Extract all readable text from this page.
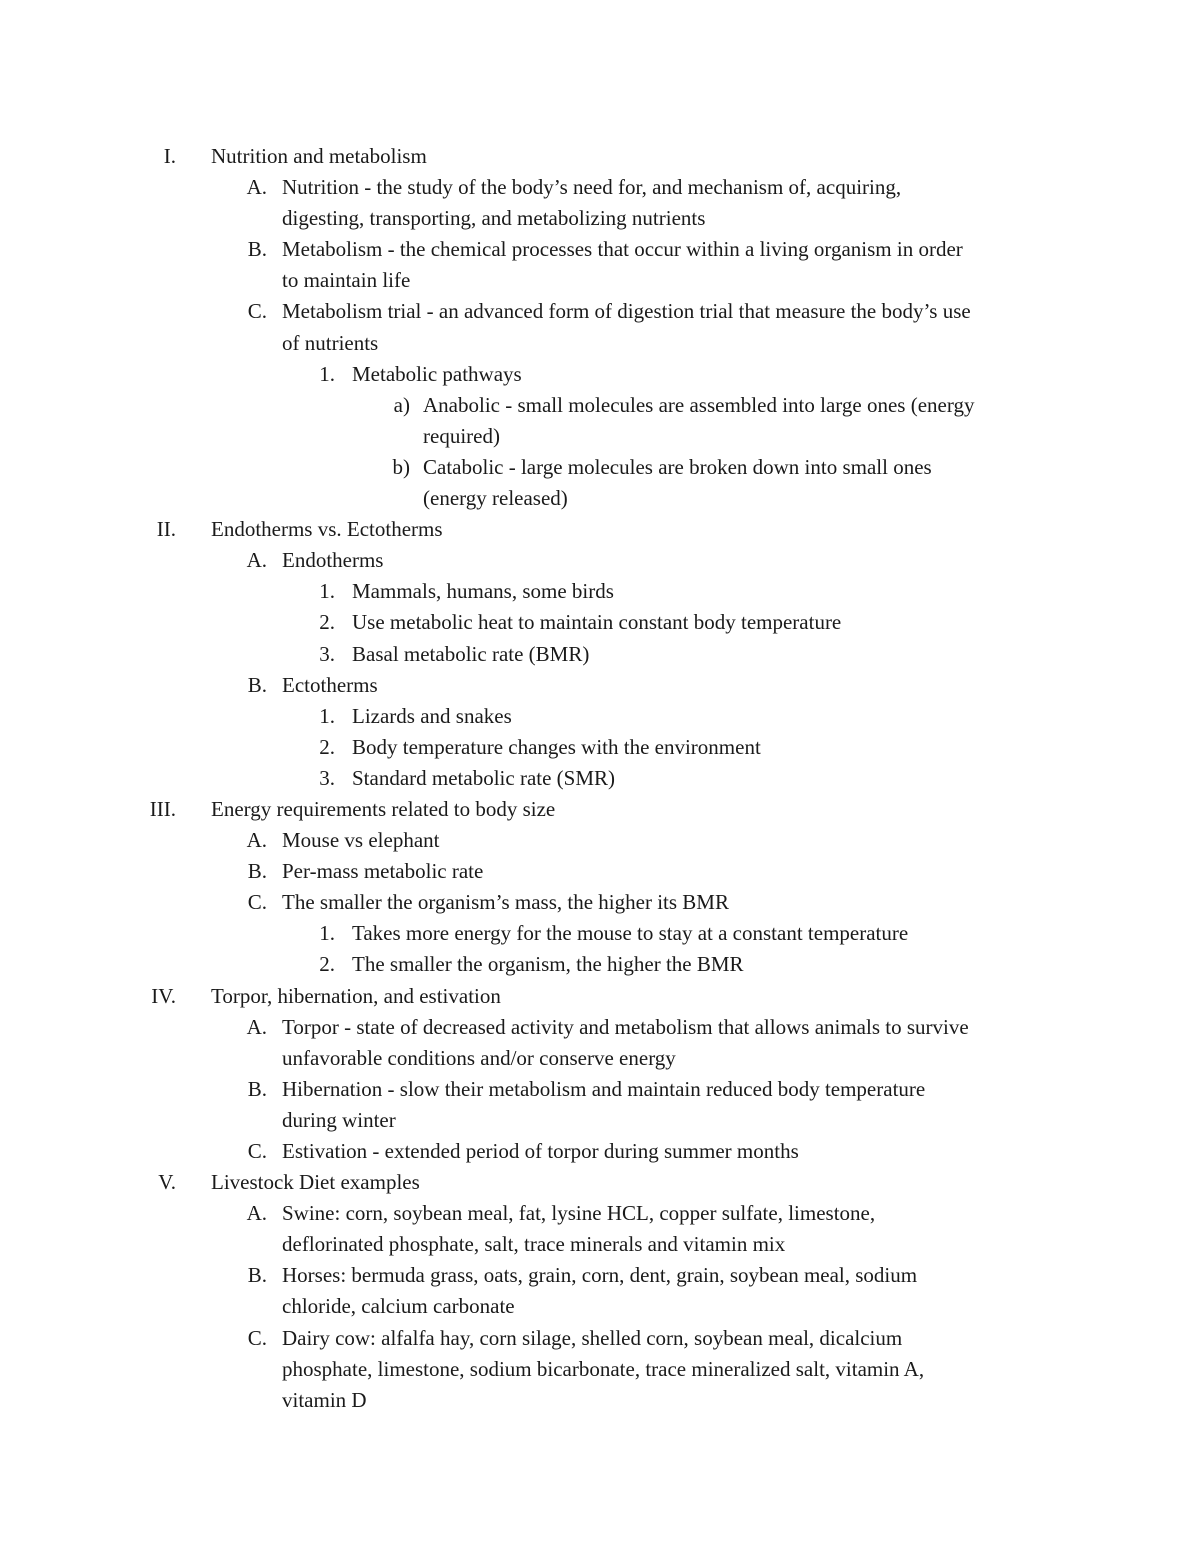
I. Nutrition and metabolism
A. Nutrition - the study of the body’s need for, and mechanism of, acquiring,
digesting, transporting, and metabolizing nutrients
B. Metabolism - the chemical processes that occur within a living organism in order
to maintain life
C. Metabolism trial - an advanced form of digestion trial that measure the body’s use
of nutrients
1. Metabolic pathways
a) Anabolic - small molecules are assembled into large ones (energy
required)
b) Catabolic - large molecules are broken down into small ones
(energy released)
II. Endotherms vs. Ectotherms
A. Endotherms
1. Mammals, humans, some birds
2. Use metabolic heat to maintain constant body temperature
3. Basal metabolic rate (BMR)
B. Ectotherms
1. Lizards and snakes
2. Body temperature changes with the environment
3. Standard metabolic rate (SMR)
III. Energy requirements related to body size
A. Mouse vs elephant
B. Per-mass metabolic rate
C. The smaller the organism’s mass, the higher its BMR
1. Takes more energy for the mouse to stay at a constant temperature
2. The smaller the organism, the higher the BMR
IV. Torpor, hibernation, and estivation
A. Torpor - state of decreased activity and metabolism that allows animals to survive
unfavorable conditions and/or conserve energy
B. Hibernation - slow their metabolism and maintain reduced body temperature
during winter
C. Estivation - extended period of torpor during summer months
V. Livestock Diet examples
A. Swine: corn, soybean meal, fat, lysine HCL, copper sulfate, limestone,
deflorinated phosphate, salt, trace minerals and vitamin mix
B. Horses: bermuda grass, oats, grain, corn, dent, grain, soybean meal, sodium
chloride, calcium carbonate
C. Dairy cow: alfalfa hay, corn silage, shelled corn, soybean meal, dicalcium
phosphate, limestone, sodium bicarbonate, trace mineralized salt, vitamin A,
vitamin D
